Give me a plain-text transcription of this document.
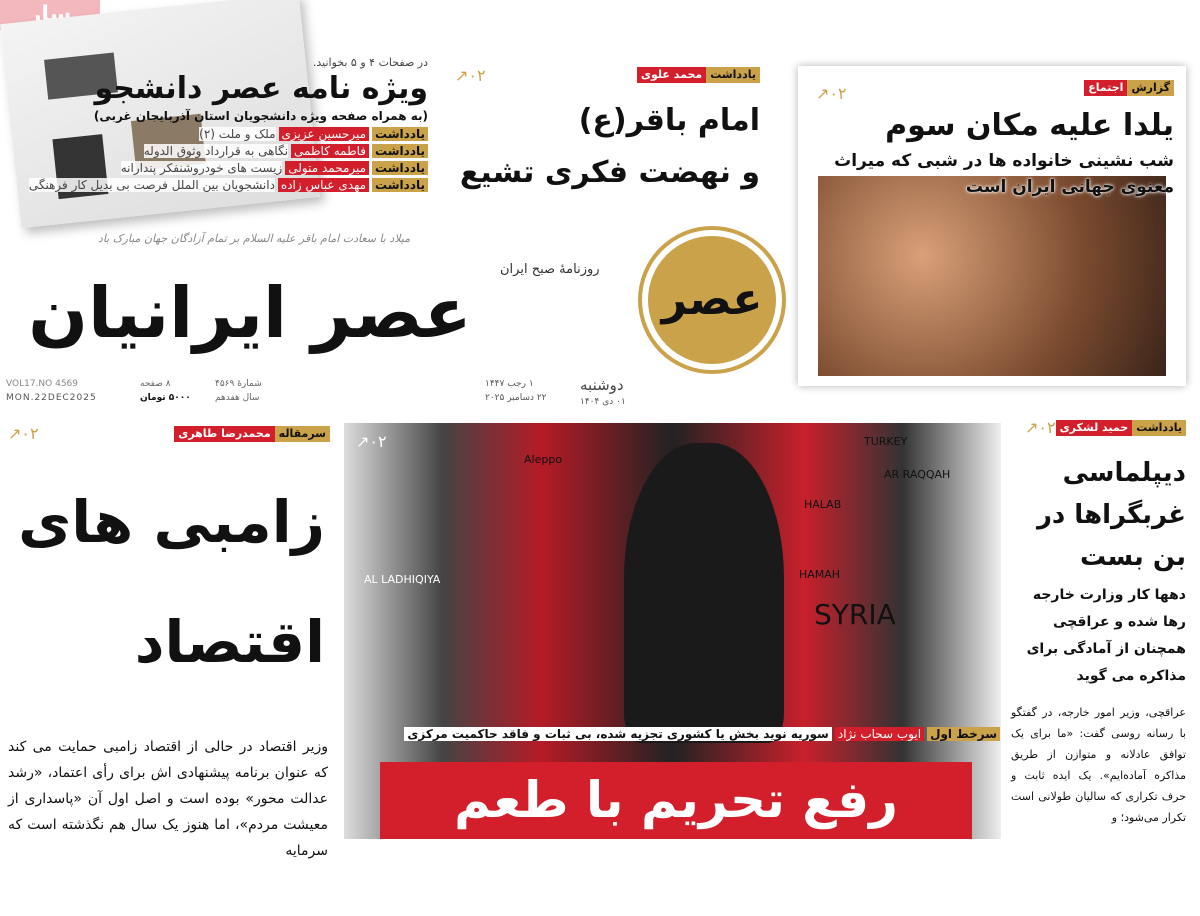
سار
در صفحات ۴ و ۵ بخوانید.
ویژه نامه عصر دانشجو
(به همراه صفحه ویژه دانشجویان استان آذربایجان غربی)
یادداشت
میرحسین عزیزی
ملک و ملت (۲)
یادداشت
فاطمه کاظمی
نگاهی به قرارداد وثوق الدوله
یادداشت
میرمحمد متولی
زیست های خودروشنفکر پندارانه
یادداشت
مهدی عباس زاده
دانشجویان بین الملل فرصت بی بدیل کار فرهنگی
میلاد با سعادت امام باقر علیه السلام بر تمام آزادگان جهان مبارک باد
یادداشت
محمد علوی
↗۰۲
امام باقر(ع)
و نهضت فکری تشیع
↗۰۲	گزارش
اجتماع
یلدا علیه مکان سوم
شب نشینی خانواده ها در شبی که میراث معنوی جهانی ایران است
روزنامهٔ صبح ایران
عصر ایرانیان	عصر
دوشنبه
۰۱ دی ۱۴۰۴
۱ رجب ۱۴۴۷
۲۲ دسامبر ۲۰۲۵
شمارهٔ ۴۵۶۹
سال هفدهم
۸ صفحه
۵۰۰۰ تومان
VOL17.NO 4569
MON.22DEC2025
سرمقاله
محمدرضا طاهری
↗۰۲
زامبی های
اقتصاد
وزیر اقتصاد در حالی از اقتصاد زامبی حمایت می کند که عنوان برنامه پیشنهادی اش برای رأی اعتماد، «رشد عدالت محور» بوده است و اصل اول آن «پاسداری از معیشت مردم»، اما هنوز یک سال هم نگذشته است که سرمایه
AL LADHIQIYA
Aleppo
HALAB
AR RAQQAH
SYRIA
TURKEY
HAMAH
↗۰۲
سرخط اول
ایوب سحاب نژاد
سوریه نوید بخش یا کشوری تجزیه شده، بی ثبات و فاقد حاکمیت مرکزی
رفع تحریم با طعم تجزیه
یادداشت
حمید لشکری
↗۰۲
دیپلماسی غربگراها در بن بست
دهها کار وزارت خارجه رها شده و عراقچی همچنان از آمادگی برای مذاکره می گوید
عراقچی، وزیر امور خارجه، در گفتگو با رسانه روسی گفت: «ما برای یک توافق عادلانه و متوازن از طریق مذاکره آماده‌ایم». یک ایده ثابت و حرف تکراری که سالیان طولانی است تکرار می‌شود؛ و
